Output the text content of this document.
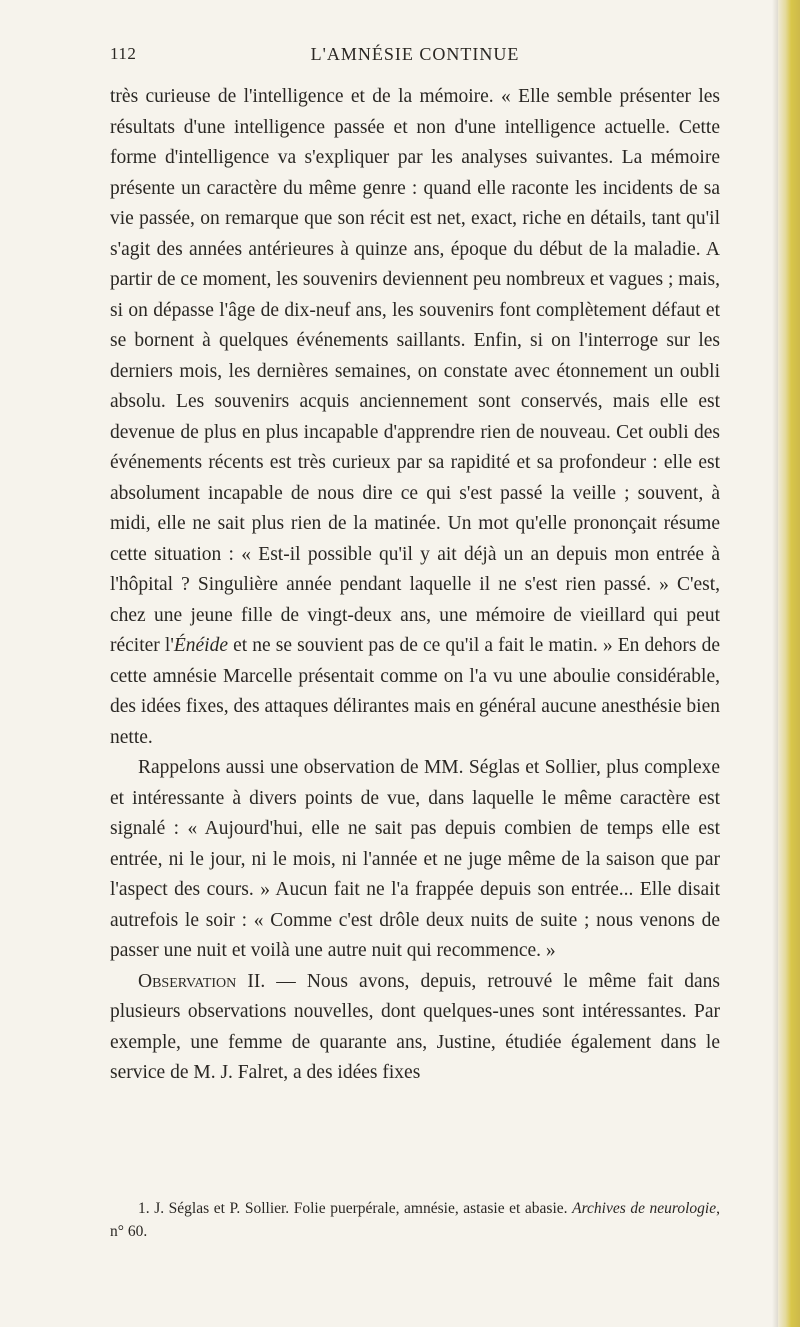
112	L'AMNÉSIE CONTINUE

très curieuse de l'intelligence et de la mémoire. « Elle semble présenter les résultats d'une intelligence passée et non d'une intelligence actuelle. Cette forme d'intelligence va s'expliquer par les analyses suivantes. La mémoire présente un caractère du même genre : quand elle raconte les incidents de sa vie passée, on remarque que son récit est net, exact, riche en détails, tant qu'il s'agit des années antérieures à quinze ans, époque du début de la maladie. A partir de ce moment, les souvenirs deviennent peu nombreux et vagues ; mais, si on dépasse l'âge de dix-neuf ans, les souvenirs font complètement défaut et se bornent à quelques événements saillants. Enfin, si on l'interroge sur les derniers mois, les dernières semaines, on constate avec étonnement un oubli absolu. Les souvenirs acquis anciennement sont conservés, mais elle est devenue de plus en plus incapable d'apprendre rien de nouveau. Cet oubli des événements récents est très curieux par sa rapidité et sa profondeur : elle est absolument incapable de nous dire ce qui s'est passé la veille ; souvent, à midi, elle ne sait plus rien de la matinée. Un mot qu'elle prononçait résume cette situation : « Est-il possible qu'il y ait déjà un an depuis mon entrée à l'hôpital ? Singulière année pendant laquelle il ne s'est rien passé. » C'est, chez une jeune fille de vingt-deux ans, une mémoire de vieillard qui peut réciter l'Énéide et ne se souvient pas de ce qu'il a fait le matin. » En dehors de cette amnésie Marcelle présentait comme on l'a vu une aboulie considérable, des idées fixes, des attaques délirantes mais en général aucune anesthésie bien nette.

Rappelons aussi une observation de MM. Séglas et Sollier, plus complexe et intéressante à divers points de vue, dans laquelle le même caractère est signalé : « Aujourd'hui, elle ne sait pas depuis combien de temps elle est entrée, ni le jour, ni le mois, ni l'année et ne juge même de la saison que par l'aspect des cours. » Aucun fait ne l'a frappée depuis son entrée... Elle disait autrefois le soir : « Comme c'est drôle deux nuits de suite ; nous venons de passer une nuit et voilà une autre nuit qui recommence. »

Observation II. — Nous avons, depuis, retrouvé le même fait dans plusieurs observations nouvelles, dont quelques-unes sont intéressantes. Par exemple, une femme de quarante ans, Justine, étudiée également dans le service de M. J. Falret, a des idées fixes

1. J. Séglas et P. Sollier. Folie puerpérale, amnésie, astasie et abasie. Archives de neurologie, n° 60.
